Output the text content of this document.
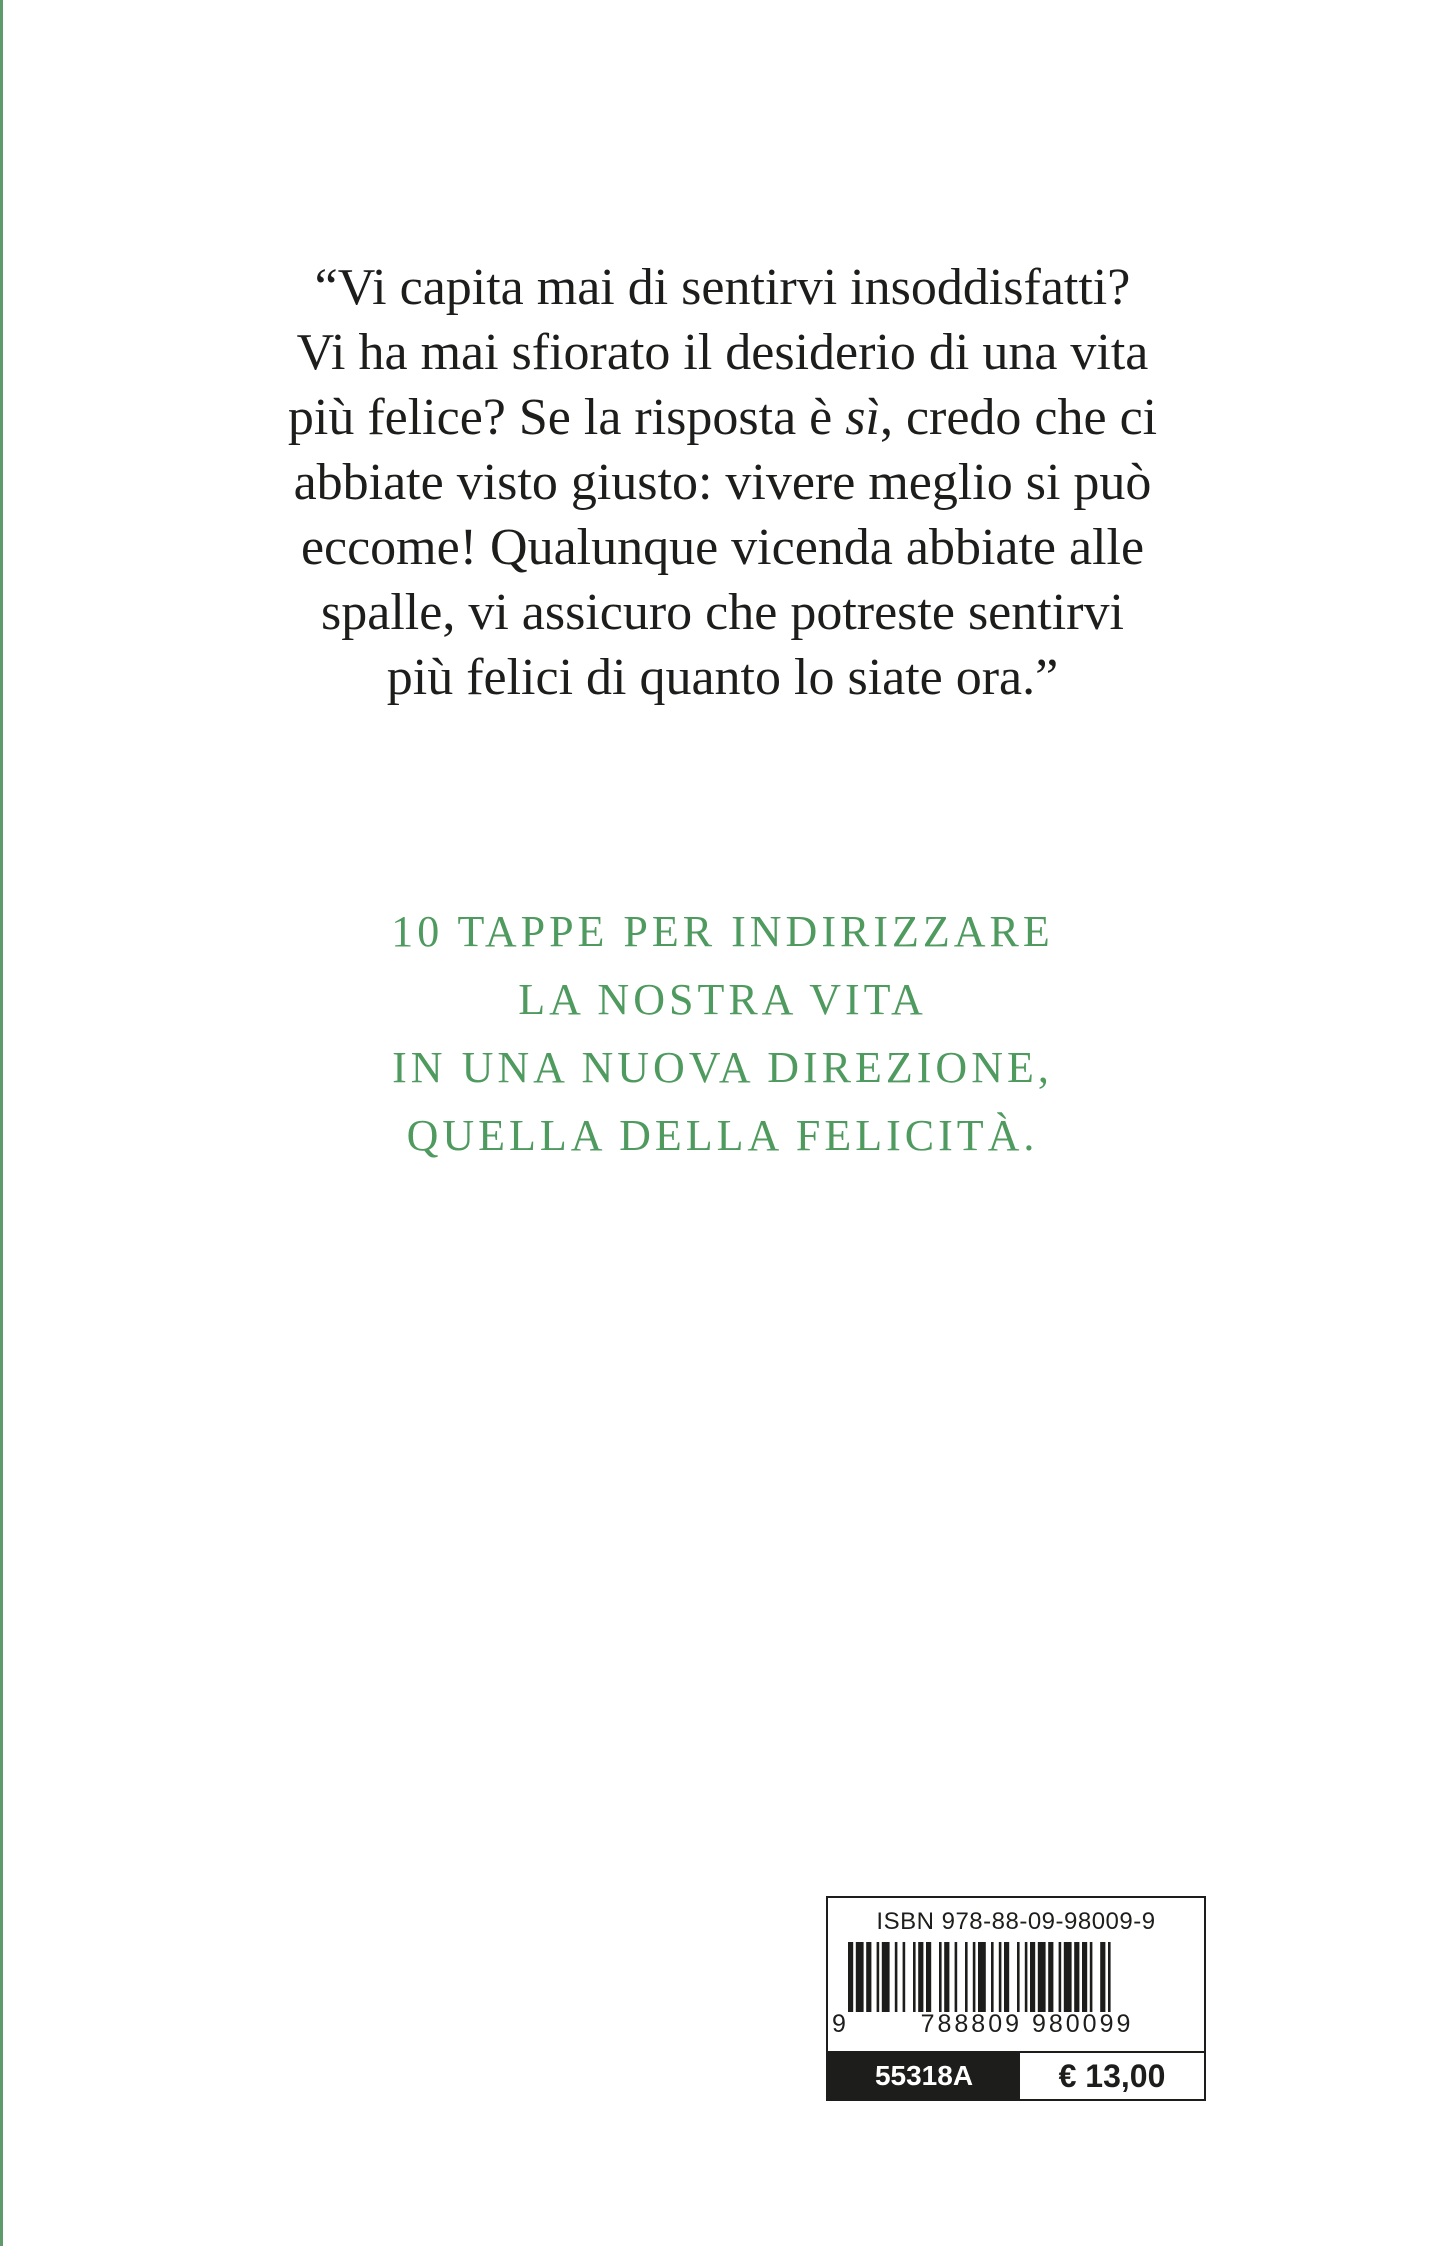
“Vi capita mai di sentirvi insoddisfatti?
Vi ha mai sfiorato il desiderio di una vita
più felice? Se la risposta è sì, credo che ci
abbiate visto giusto: vivere meglio si può
eccome! Qualunque vicenda abbiate alle
spalle, vi assicuro che potreste sentirvi
più felici di quanto lo siate ora.”
10 TAPPE PER INDIRIZZARE
LA NOSTRA VITA
IN UNA NUOVA DIREZIONE,
QUELLA DELLA FELICITÀ.
ISBN 978-88-09-98009-9
9	788809 980099
55318A	€ 13,00
